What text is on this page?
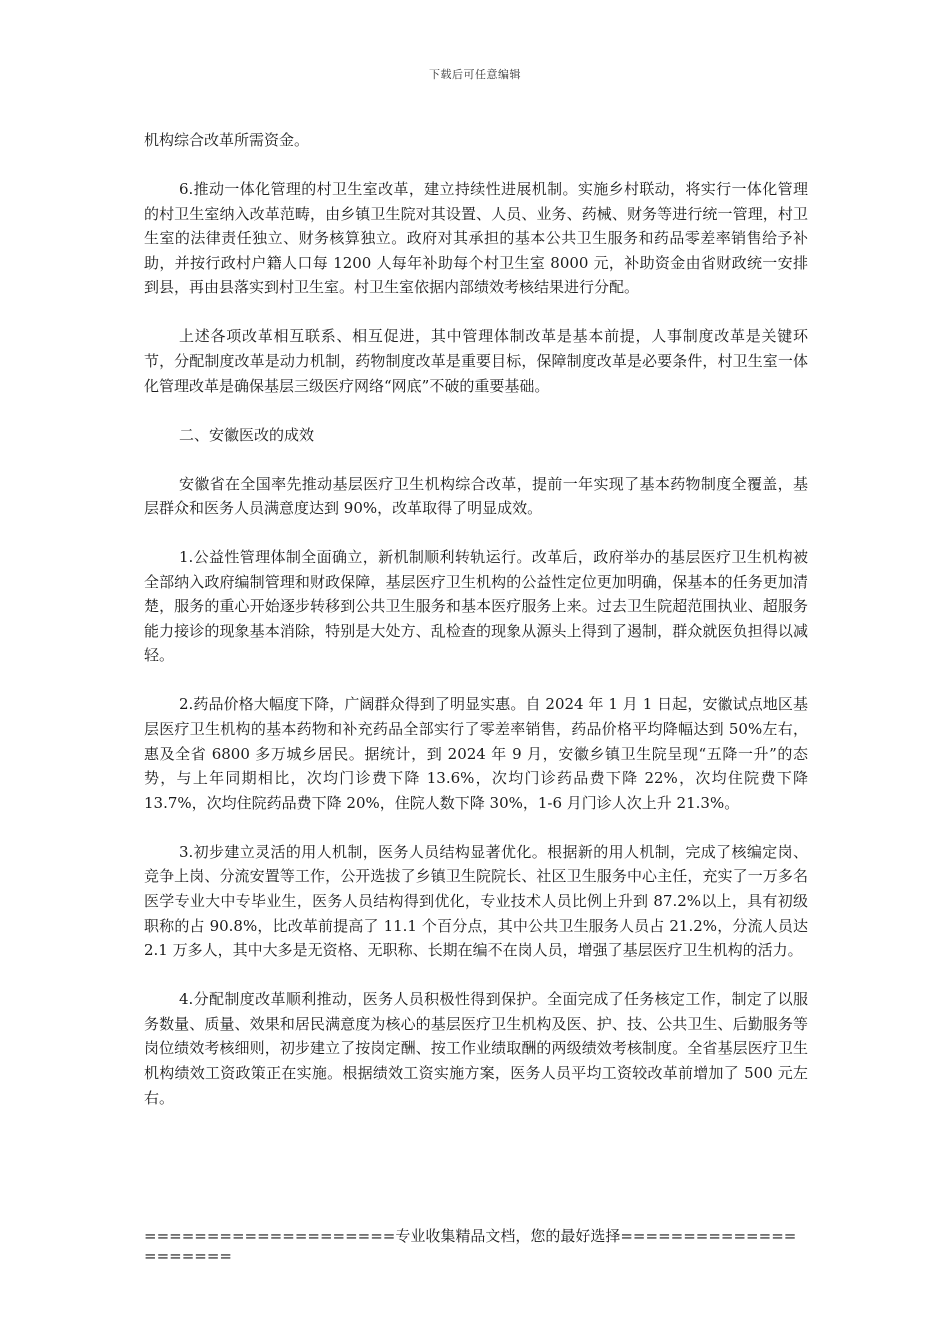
下载后可任意编辑

机构综合改革所需资金。

6.推动一体化管理的村卫生室改革，建立持续性进展机制。实施乡村联动，将实行一体化管理的村卫生室纳入改革范畴，由乡镇卫生院对其设置、人员、业务、药械、财务等进行统一管理，村卫生室的法律责任独立、财务核算独立。政府对其承担的基本公共卫生服务和药品零差率销售给予补助，并按行政村户籍人口每 1200 人每年补助每个村卫生室 8000 元，补助资金由省财政统一安排到县，再由县落实到村卫生室。村卫生室依据内部绩效考核结果进行分配。

上述各项改革相互联系、相互促进，其中管理体制改革是基本前提，人事制度改革是关键环节，分配制度改革是动力机制，药物制度改革是重要目标，保障制度改革是必要条件，村卫生室一体化管理改革是确保基层三级医疗网络“网底”不破的重要基础。

二、安徽医改的成效

安徽省在全国率先推动基层医疗卫生机构综合改革，提前一年实现了基本药物制度全覆盖，基层群众和医务人员满意度达到 90%，改革取得了明显成效。

1.公益性管理体制全面确立，新机制顺利转轨运行。改革后，政府举办的基层医疗卫生机构被全部纳入政府编制管理和财政保障，基层医疗卫生机构的公益性定位更加明确，保基本的任务更加清楚，服务的重心开始逐步转移到公共卫生服务和基本医疗服务上来。过去卫生院超范围执业、超服务能力接诊的现象基本消除，特别是大处方、乱检查的现象从源头上得到了遏制，群众就医负担得以减轻。

2.药品价格大幅度下降，广阔群众得到了明显实惠。自 2024 年 1 月 1 日起，安徽试点地区基层医疗卫生机构的基本药物和补充药品全部实行了零差率销售，药品价格平均降幅达到 50%左右，惠及全省 6800 多万城乡居民。据统计，到 2024 年 9 月，安徽乡镇卫生院呈现“五降一升”的态势，与上年同期相比，次均门诊费下降 13.6%，次均门诊药品费下降 22%，次均住院费下降 13.7%，次均住院药品费下降 20%，住院人数下降 30%，1-6 月门诊人次上升 21.3%。

3.初步建立灵活的用人机制，医务人员结构显著优化。根据新的用人机制，完成了核编定岗、竞争上岗、分流安置等工作，公开选拔了乡镇卫生院院长、社区卫生服务中心主任，充实了一万多名医学专业大中专毕业生，医务人员结构得到优化，专业技术人员比例上升到 87.2%以上，具有初级职称的占 90.8%，比改革前提高了 11.1 个百分点，其中公共卫生服务人员占 21.2%，分流人员达 2.1 万多人，其中大多是无资格、无职称、长期在编不在岗人员，增强了基层医疗卫生机构的活力。

4.分配制度改革顺利推动，医务人员积极性得到保护。全面完成了任务核定工作，制定了以服务数量、质量、效果和居民满意度为核心的基层医疗卫生机构及医、护、技、公共卫生、后勤服务等岗位绩效考核细则，初步建立了按岗定酬、按工作业绩取酬的两级绩效考核制度。全省基层医疗卫生机构绩效工资政策正在实施。根据绩效工资实施方案，医务人员平均工资较改革前增加了 500 元左右。

====================专业收集精品文档，您的最好选择=====================
